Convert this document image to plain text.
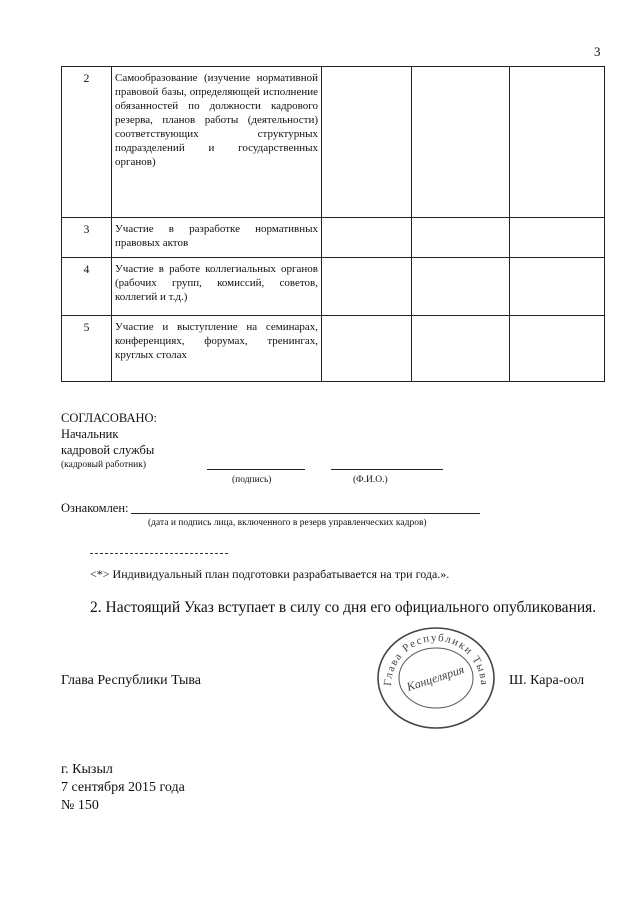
3
2	Самообразование (изучение нормативной правовой базы, определяющей исполнение обязанностей по должности кадрового резерва, планов работы (деятельности) соответствующих структурных подразделений и государственных органов)			
3	Участие в разработке нормативных правовых актов			
4	Участие в работе коллегиальных органов (рабочих групп, комиссий, советов, коллегий и т.д.)			
5	Участие и выступление на семинарах, конференциях, форумах, тренингах, круглых столах			
СОГЛАСОВАНО:
Начальник
кадровой службы
(кадровый работник)
(подпись)	(Ф.И.О.)
Ознакомлен:
(дата и подпись лица, включенного в резерв управленческих кадров)
<*> Индивидуальный план подготовки разрабатывается на три года.».
2. Настоящий Указ вступает в силу со дня его официального опубликования.
Глава Республики Тыва
Канцелярия
Глава Республики Тыва	Ш. Кара-оол
г. Кызыл
7 сентября 2015 года
№ 150
